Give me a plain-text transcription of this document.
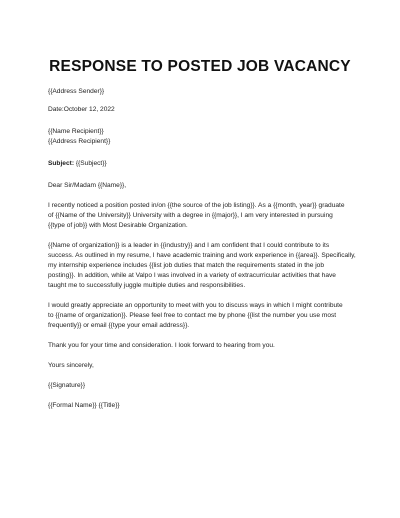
RESPONSE TO POSTED JOB VACANCY
{{Address Sender}}
Date:October 12, 2022
{{Name Recipient}}
{{Address Recipient}}
Subject: {{Subject}}
Dear Sir/Madam {{Name}},
I recently noticed a position posted in/on {{the source of the job listing}}. As a {{month, year}} graduate
of {{Name of the University}} University with a degree in {{major}}, I am very interested in pursuing
{{type of job}} with Most Desirable Organization.
{{Name of organization}} is a leader in {{industry}} and I am confident that I could contribute to its
success. As outlined in my resume, I have academic training and work experience in {{area}}. Specifically,
my internship experience includes {{list job duties that match the requirements stated in the job
posting}}. In addition, while at Valpo I was involved in a variety of extracurricular activities that have
taught me to successfully juggle multiple duties and responsibilities.
I would greatly appreciate an opportunity to meet with you to discuss ways in which I might contribute
to {{name of organization}}. Please feel free to contact me by phone {{list the number you use most
frequently}} or email {{type your email address}}.
Thank you for your time and consideration. I look forward to hearing from you.
Yours sincerely,
{{Signature}}
{{Formal Name}} {{Title}}
